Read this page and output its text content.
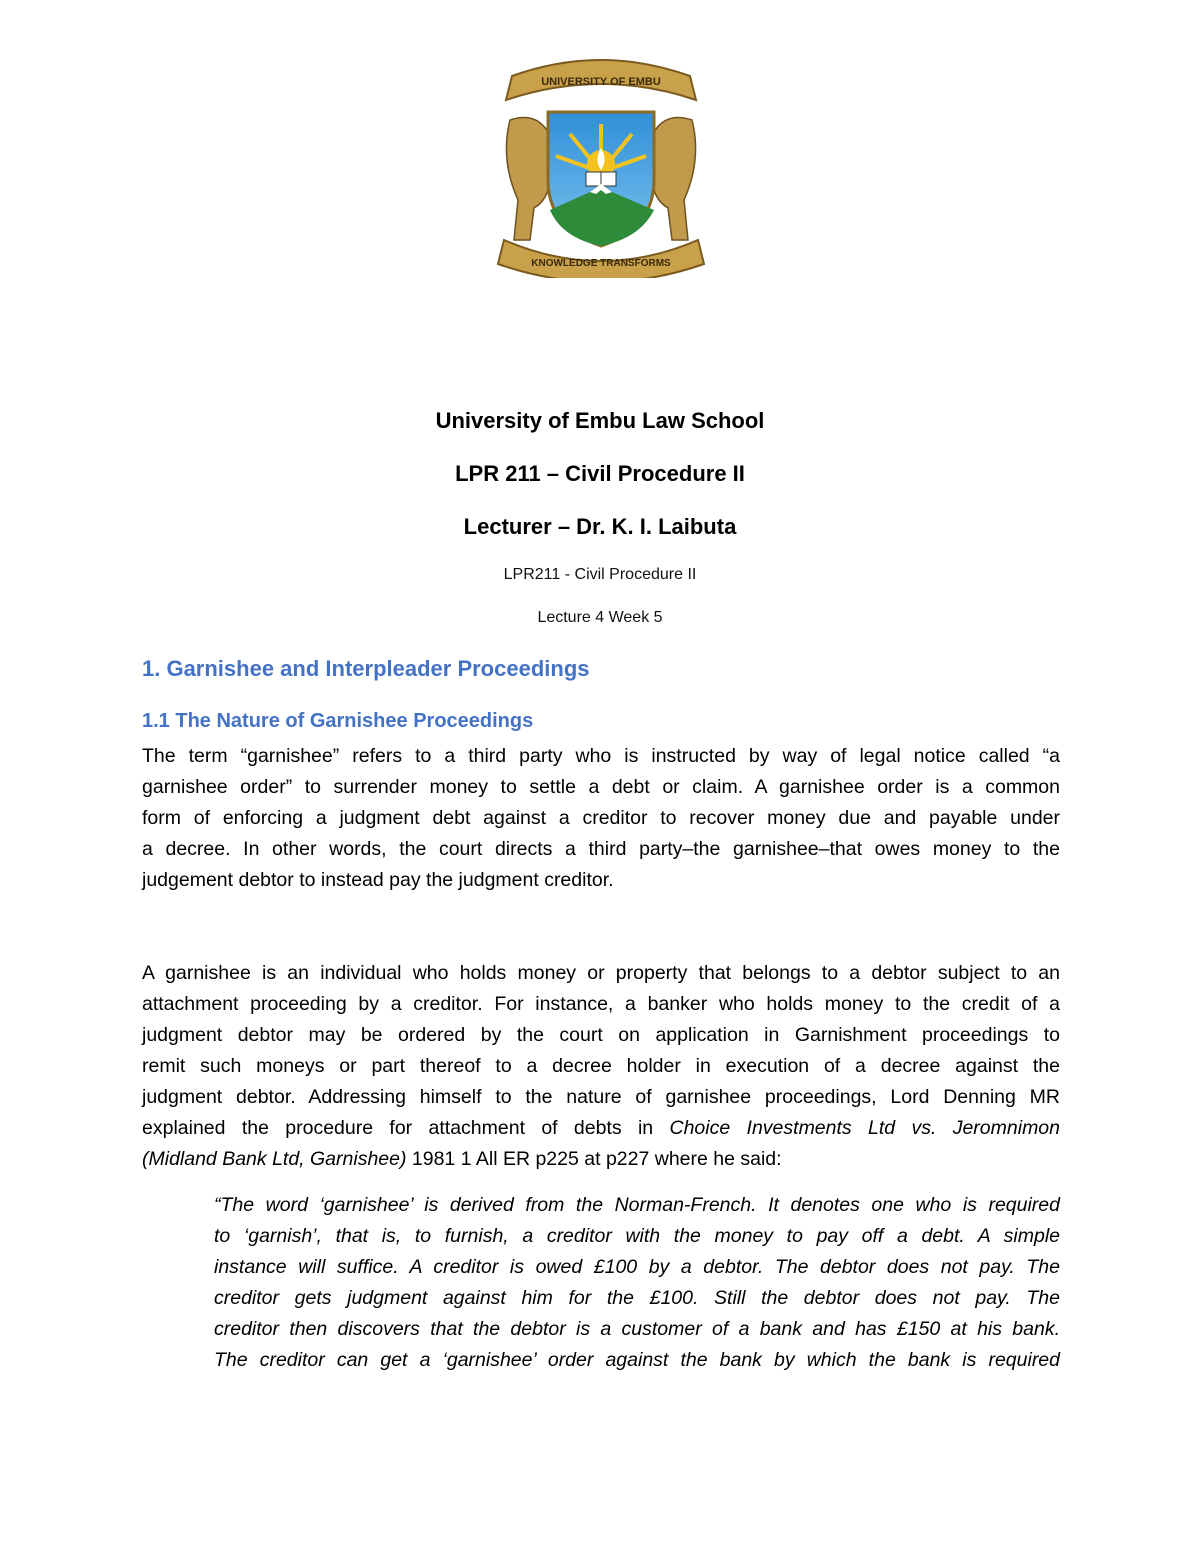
UNIVERSITY OF EMBU
KNOWLEDGE TRANSFORMS
University of Embu Law School
LPR 211 – Civil Procedure II
Lecturer – Dr. K. I. Laibuta
LPR211 - Civil Procedure II
Lecture 4 Week 5
1. Garnishee and Interpleader Proceedings
1.1 The Nature of Garnishee Proceedings
The term “garnishee” refers to a third party who is instructed by way of legal notice called “a
garnishee order” to surrender money to settle a debt or claim. A garnishee order is a common
form of enforcing a judgment debt against a creditor to recover money due and payable under
a decree. In other words, the court directs a third party–the garnishee–that owes money to the
judgement debtor to instead pay the judgment creditor.
A garnishee is an individual who holds money or property that belongs to a debtor subject to an
attachment proceeding by a creditor. For instance, a banker who holds money to the credit of a
judgment debtor may be ordered by the court on application in Garnishment proceedings to
remit such moneys or part thereof to a decree holder in execution of a decree against the
judgment debtor. Addressing himself to the nature of garnishee proceedings, Lord Denning MR
explained the procedure for attachment of debts in Choice Investments Ltd vs. Jeromnimon
(Midland Bank Ltd, Garnishee) 1981 1 All ER p225 at p227 where he said:
“The word ‘garnishee’ is derived from the Norman-French. It denotes one who is required
to ‘garnish’, that is, to furnish, a creditor with the money to pay off a debt. A simple
instance will suffice. A creditor is owed £100 by a debtor. The debtor does not pay. The
creditor gets judgment against him for the £100. Still the debtor does not pay. The
creditor then discovers that the debtor is a customer of a bank and has £150 at his bank.
The creditor can get a ‘garnishee’ order against the bank by which the bank is required
